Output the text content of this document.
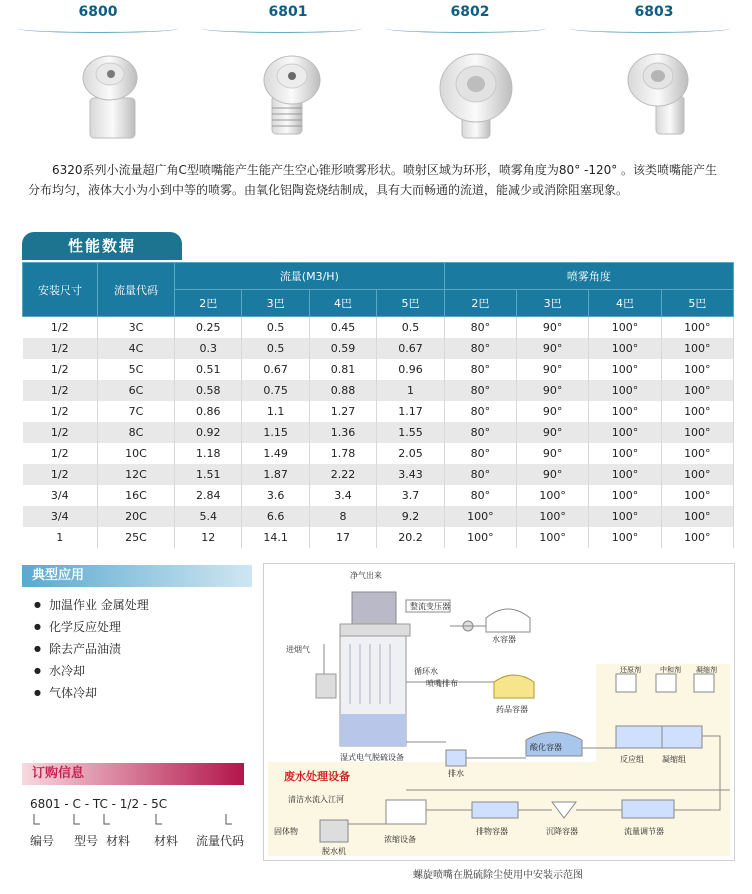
6800	6801	6802	6803
6320系列小流量超广角C型喷嘴能产生能产生空心锥形喷雾形状。喷射区域为环形，喷雾角度为80° -120° 。该类喷嘴能产生分布均匀，液体大小为小到中等的喷雾。由氧化铝陶瓷烧结制成，具有大而畅通的流道，能减少或消除阻塞现象。
性能数据
安装尺寸	流量代码	流量(M3/H)				喷雾角度			
		2巴	3巴	4巴	5巴	2巴	3巴	4巴	5巴
1/2	3C	0.25	0.5	0.45	0.5	80°	90°	100°	100°
1/2	4C	0.3	0.5	0.59	0.67	80°	90°	100°	100°
1/2	5C	0.51	0.67	0.81	0.96	80°	90°	100°	100°
1/2	6C	0.58	0.75	0.88	1	80°	90°	100°	100°
1/2	7C	0.86	1.1	1.27	1.17	80°	90°	100°	100°
1/2	8C	0.92	1.15	1.36	1.55	80°	90°	100°	100°
1/2	10C	1.18	1.49	1.78	2.05	80°	90°	100°	100°
1/2	12C	1.51	1.87	2.22	3.43	80°	90°	100°	100°
3/4	16C	2.84	3.6	3.4	3.7	80°	100°	100°	100°
3/4	20C	5.4	6.6	8	9.2	100°	100°	100°	100°
1	25C	12	14.1	17	20.2	100°	100°	100°	100°
典型应用
● 加温作业 金属处理
● 化学反应处理
● 除去产品油渍
● 水冷却
● 气体冷却
订购信息
6801 - C - TC - 1/2 - 5C
编号 型号 材料 材料 流量代码
净气出来
整流变压器
水容器
进烟气
循环水
喷嘴排布
药品容器
湿式电气脱硫设备
排水
酸化容器
反应组 凝缩组
还原剂	中和剂 凝缩剂
废水处理设备
清洁水流入江河
固体物
脱水机
浓缩设备
排物容器	沉降容器	流量调节器
螺旋喷嘴在脱硫除尘使用中安装示范图
